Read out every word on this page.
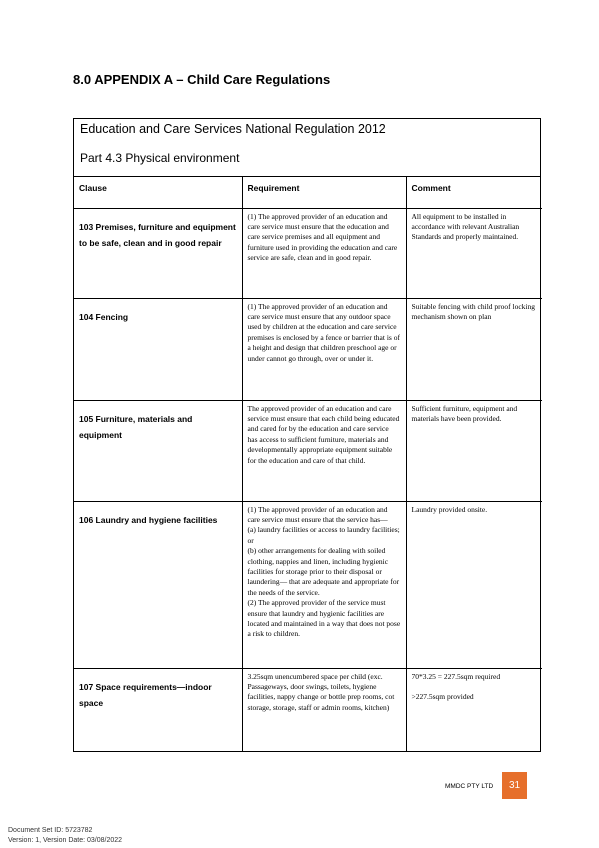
8.0 APPENDIX A – Child Care Regulations
Education and Care Services National Regulation 2012
Part 4.3 Physical environment
Clause	Requirement	Comment
103 Premises, furniture and equipment to be safe, clean and in good repair	(1) The approved provider of an education and care service must ensure that the education and care service premises and all equipment and furniture used in providing the education and care service are safe, clean and in good repair.	All equipment to be installed in accordance with relevant Australian Standards and properly maintained.

104 Fencing	(1) The approved provider of an education and care service must ensure that any outdoor space used by children at the education and care service premises is enclosed by a fence or barrier that is of a height and design that children preschool age or under cannot go through, over or under it.	Suitable fencing with child proof locking mechanism shown on plan

105 Furniture, materials and equipment	The approved provider of an education and care service must ensure that each child being educated and cared for by the education and care service has access to sufficient furniture, materials and developmentally appropriate equipment suitable for the education and care of that child.	Sufficient furniture, equipment and materials have been provided.

106 Laundry and hygiene facilities	(1) The approved provider of an education and care service must ensure that the service has—
(a) laundry facilities or access to laundry facilities; or
(b) other arrangements for dealing with soiled clothing, nappies and linen, including hygienic facilities for storage prior to their disposal or laundering— that are adequate and appropriate for the needs of the service.
(2) The approved provider of the service must ensure that laundry and hygienic facilities are located and maintained in a way that does not pose a risk to children.	Laundry provided onsite.

107 Space requirements—indoor space	3.25sqm unencumbered space per child (exc. Passageways, door swings, toilets, hygiene facilities, nappy change or bottle prep rooms, cot storage, storage, staff or admin rooms, kitchen)	70*3.25 = 227.5sqm required
>227.5sqm provided
MMDC PTY LTD	31
Document Set ID: 5723782
Version: 1, Version Date: 03/08/2022
